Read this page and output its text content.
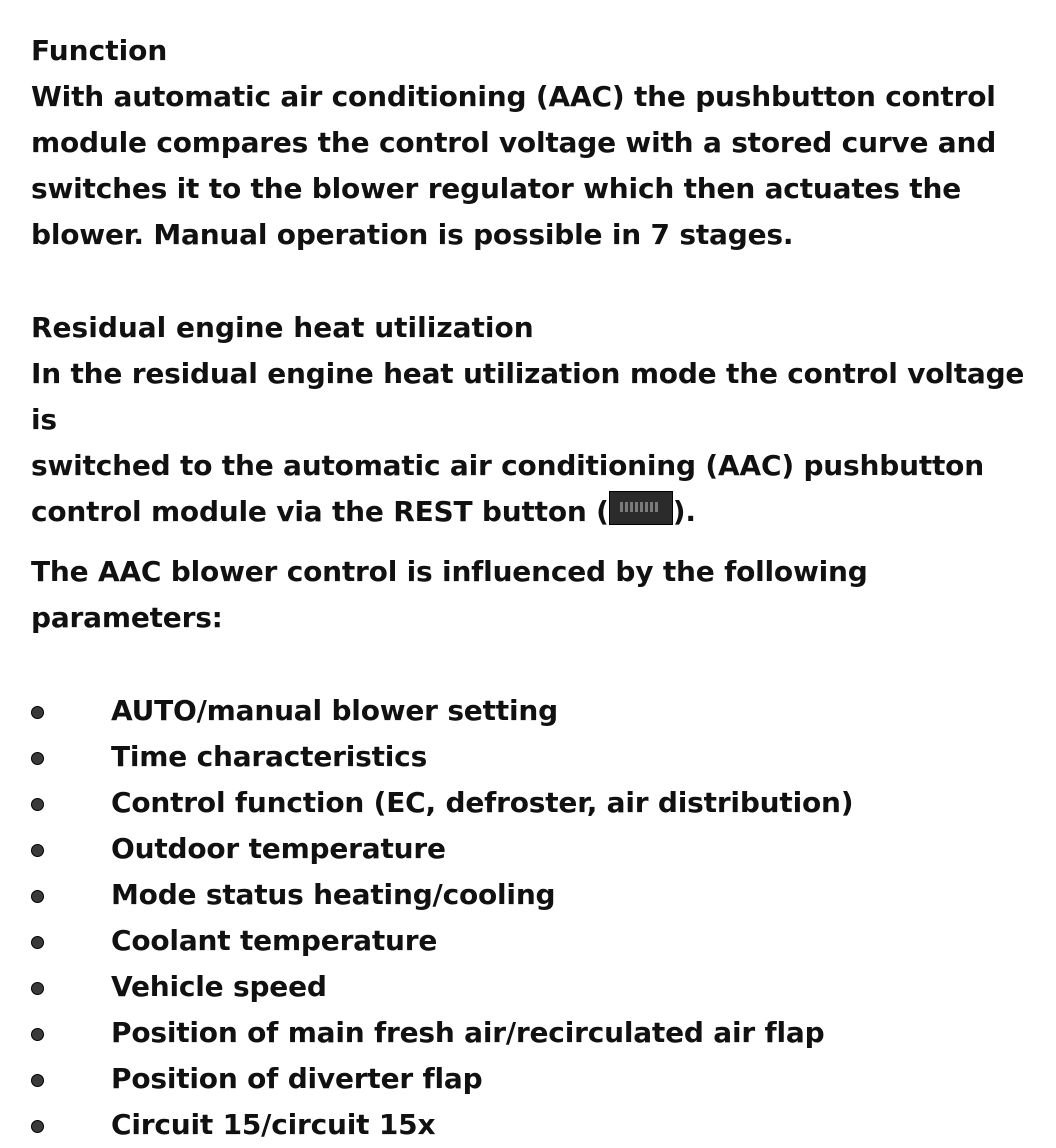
Function

With automatic air conditioning (AAC) the pushbutton control

module compares the control voltage with a stored curve and

switches it to the blower regulator which then actuates the

blower. Manual operation is possible in 7 stages.

Residual engine heat utilization

In the residual engine heat utilization mode the control voltage is

switched to the automatic air conditioning (AAC) pushbutton

control module via the REST button ( ).

The AAC blower control is influenced by the following

parameters:

AUTO/manual blower setting
Time characteristics
Control function (EC, defroster, air distribution)
Outdoor temperature
Mode status heating/cooling
Coolant temperature
Vehicle speed
Position of main fresh air/recirculated air flap
Position of diverter flap
Circuit 15/circuit 15x
